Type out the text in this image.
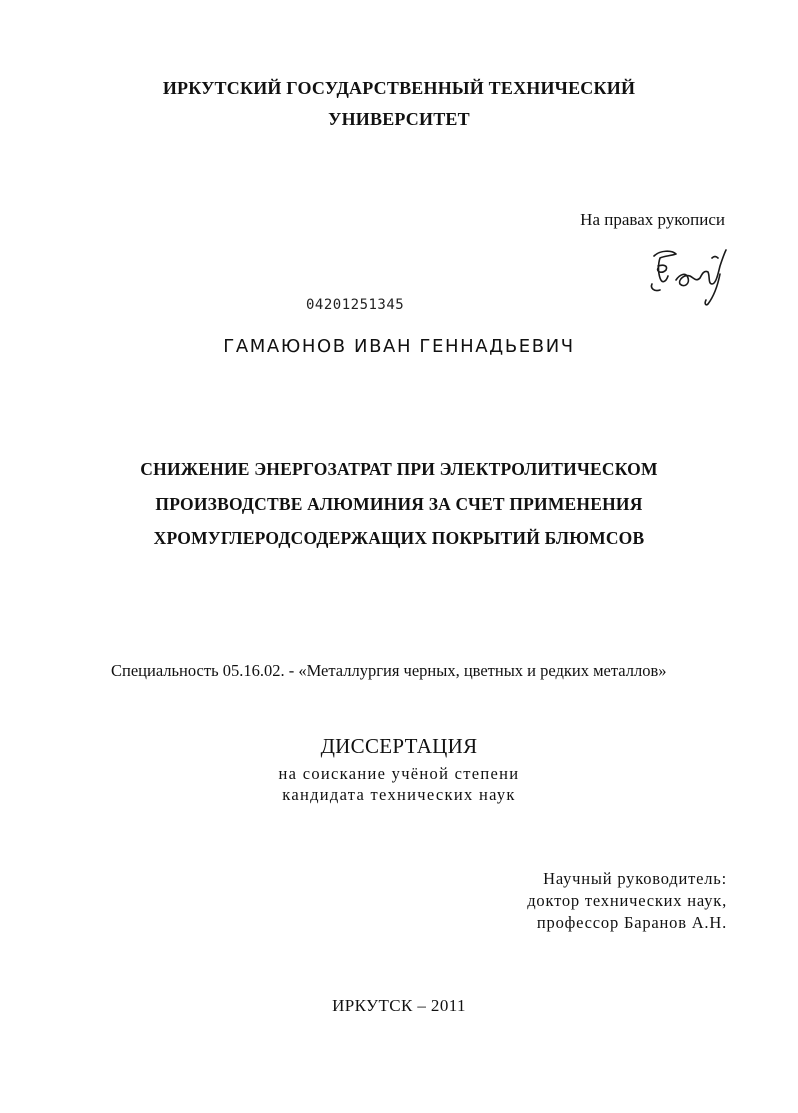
ИРКУТСКИЙ ГОСУДАРСТВЕННЫЙ ТЕХНИЧЕСКИЙ
УНИВЕРСИТЕТ
На правах рукописи
04201251345
ГАМАЮНОВ ИВАН ГЕННАДЬЕВИЧ
СНИЖЕНИЕ ЭНЕРГОЗАТРАТ ПРИ ЭЛЕКТРОЛИТИЧЕСКОМ
ПРОИЗВОДСТВЕ АЛЮМИНИЯ ЗА СЧЕТ ПРИМЕНЕНИЯ
ХРОМУГЛЕРОДСОДЕРЖАЩИХ ПОКРЫТИЙ БЛЮМСОВ
Специальность 05.16.02. - «Металлургия черных, цветных и редких металлов»
ДИССЕРТАЦИЯ
на соискание учёной степени
кандидата технических наук
Научный руководитель:
доктор технических наук,
профессор Баранов А.Н.
ИРКУТСК – 2011
